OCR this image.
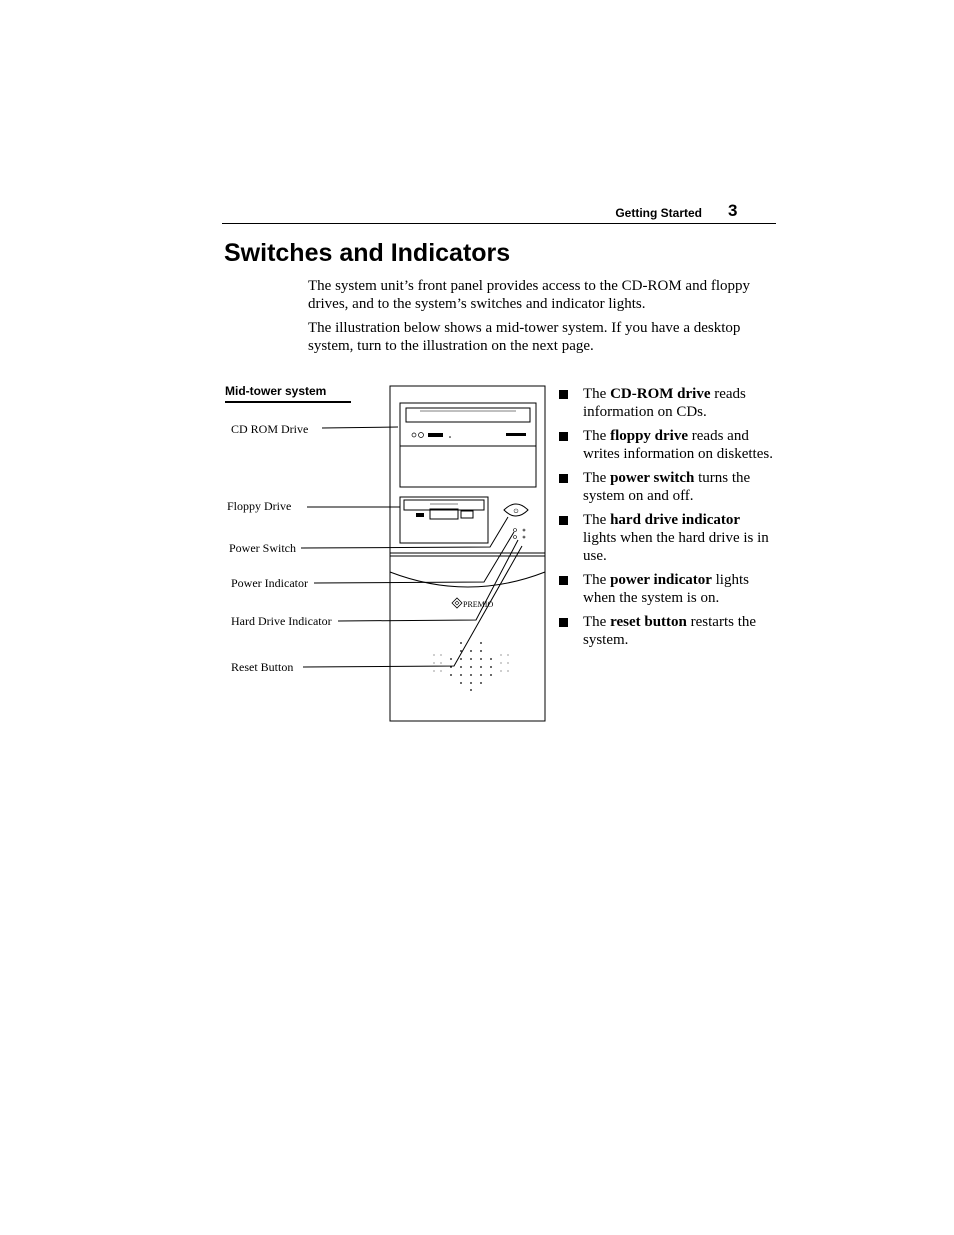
Getting Started 3
Switches and Indicators

The system unit’s front panel provides access to the CD-ROM and floppy drives, and to the system’s switches and indicator lights.

The illustration below shows a mid-tower system. If you have a desktop system, turn to the illustration on the next page.

Mid-tower system
CD ROM Drive
Floppy Drive
Power Switch
Power Indicator
Hard Drive Indicator
Reset Button
⏻
PREMIO
The CD-ROM drive reads information on CDs.
The floppy drive reads and writes information on diskettes.
The power switch turns the system on and off.
The hard drive indicator lights when the hard drive is in use.
The power indicator lights when the system is on.
The reset button restarts the system.
